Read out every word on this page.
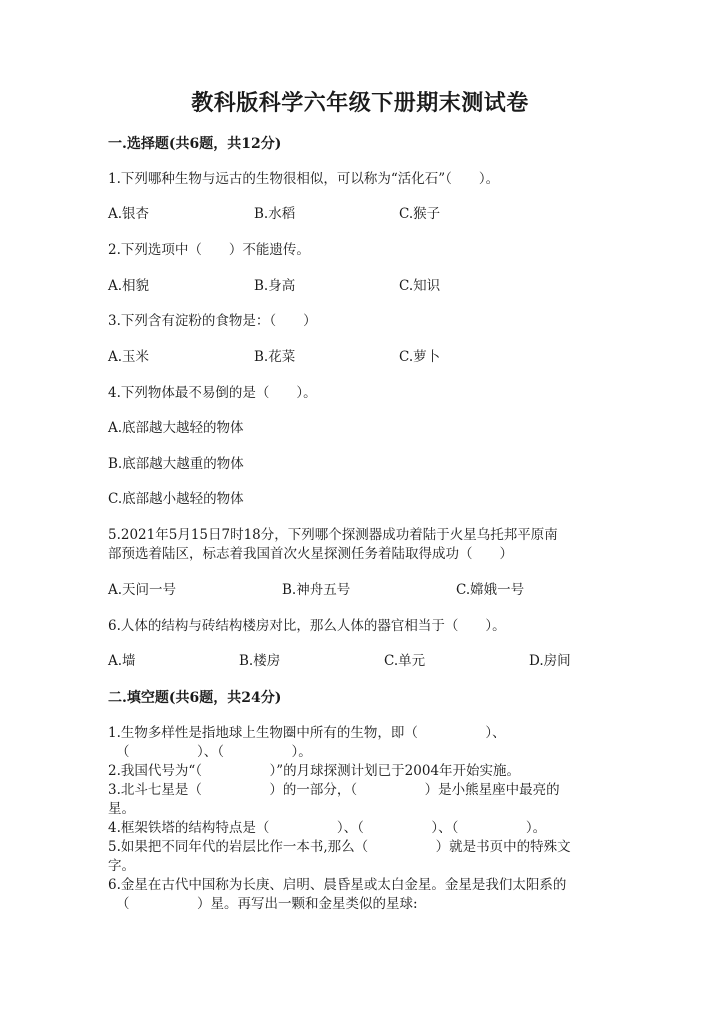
教科版科学六年级下册期末测试卷
一.选择题(共6题，共12分)
1.下列哪种生物与远古的生物很相似，可以称为“活化石”（　　）。
A.银杏	B.水稻	C.猴子
2.下列选项中（　　）不能遗传。
A.相貌	B.身高	C.知识
3.下列含有淀粉的食物是：（　　）
A.玉米	B.花菜	C.萝卜
4.下列物体最不易倒的是（　　）。
A.底部越大越轻的物体
B.底部越大越重的物体
C.底部越小越轻的物体
5.2021年5月15日7时18分，下列哪个探测器成功着陆于火星乌托邦平原南
部预选着陆区，标志着我国首次火星探测任务着陆取得成功（　　）
A.天问一号	B.神舟五号	C.嫦娥一号
6.人体的结构与砖结构楼房对比，那么人体的器官相当于（　　）。
A.墙	B.楼房	C.单元	D.房间
二.填空题(共6题，共24分)
1.生物多样性是指地球上生物圈中所有的生物，即（　　　　　）、
（　　　　　）、（　　　　　）。
2.我国代号为“（　　　　　）”的月球探测计划已于2004年开始实施。
3.北斗七星是（　　　　　）的一部分，（　　　　　）是小熊星座中最亮的
星。
4.框架铁塔的结构特点是（　　　　　）、（　　　　　）、（　　　　　）。
5.如果把不同年代的岩层比作一本书,那么（　　　　　）就是书页中的特殊文
字。
6.金星在古代中国称为长庚、启明、晨昏星或太白金星。金星是我们太阳系的
（　　　　　）星。再写出一颗和金星类似的星球:
